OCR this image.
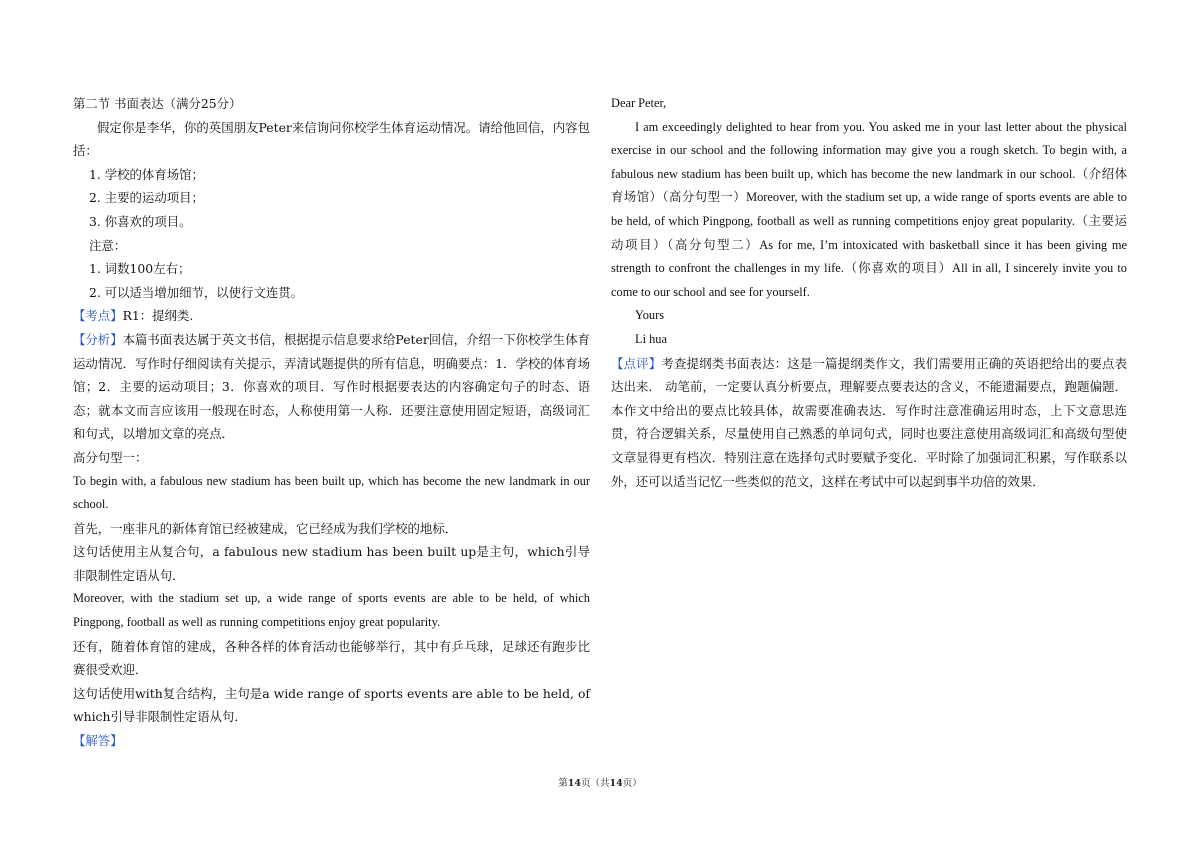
第二节 书面表达（满分25分）

假定你是李华，你的英国朋友Peter来信询问你校学生体育运动情况。请给他回信，内容包括：

1. 学校的体育场馆；

2. 主要的运动项目；

3. 你喜欢的项目。

注意：

1. 词数100左右；

2. 可以适当增加细节，以使行文连贯。

【考点】R1：提纲类.

【分析】本篇书面表达属于英文书信，根据提示信息要求给Peter回信，介绍一下你校学生体育运动情况．写作时仔细阅读有关提示，弄清试题提供的所有信息，明确要点：1．学校的体育场馆；2．主要的运动项目；3．你喜欢的项目．写作时根据要表达的内容确定句子的时态、语态；就本文而言应该用一般现在时态，人称使用第一人称．还要注意使用固定短语，高级词汇和句式，以增加文章的亮点．

高分句型一：

To begin with, a fabulous new stadium has been built up, which has become the new landmark in our school.

首先，一座非凡的新体育馆已经被建成，它已经成为我们学校的地标．

这句话使用主从复合句，a fabulous new stadium has been built up是主句，which引导非限制性定语从句．

Moreover, with the stadium set up, a wide range of sports events are able to be held, of which Pingpong, football as well as running competitions enjoy great popularity.

还有，随着体育馆的建成，各种各样的体育活动也能够举行，其中有乒乓球，足球还有跑步比赛很受欢迎．

这句话使用with复合结构，主句是a wide range of sports events are able to be held, of which引导非限制性定语从句．

【解答】

Dear Peter,

I am exceedingly delighted to hear from you. You asked me in your last letter about the physical exercise in our school and the following information may give you a rough sketch. To begin with, a fabulous new stadium has been built up, which has become the new landmark in our school.（介绍体育场馆）（高分句型一）Moreover, with the stadium set up, a wide range of sports events are able to be held, of which Pingpong, football as well as running competitions enjoy great popularity.（主要运动项目）（高分句型二）As for me, I’m intoxicated with basketball since it has been giving me strength to confront the challenges in my life.（你喜欢的项目）All in all, I sincerely invite you to come to our school and see for yourself.

Yours

Li hua

【点评】考查提纲类书面表达：这是一篇提纲类作文，我们需要用正确的英语把给出的要点表达出来． 动笔前，一定要认真分析要点，理解要点要表达的含义，不能遗漏要点，跑题偏题．本作文中给出的要点比较具体，故需要准确表达．写作时注意准确运用时态，上下文意思连贯，符合逻辑关系，尽量使用自己熟悉的单词句式，同时也要注意使用高级词汇和高级句型使文章显得更有档次．特别注意在选择句式时要赋予变化．平时除了加强词汇积累，写作联系以外，还可以适当记忆一些类似的范文，这样在考试中可以起到事半功倍的效果．

第14页（共14页）
